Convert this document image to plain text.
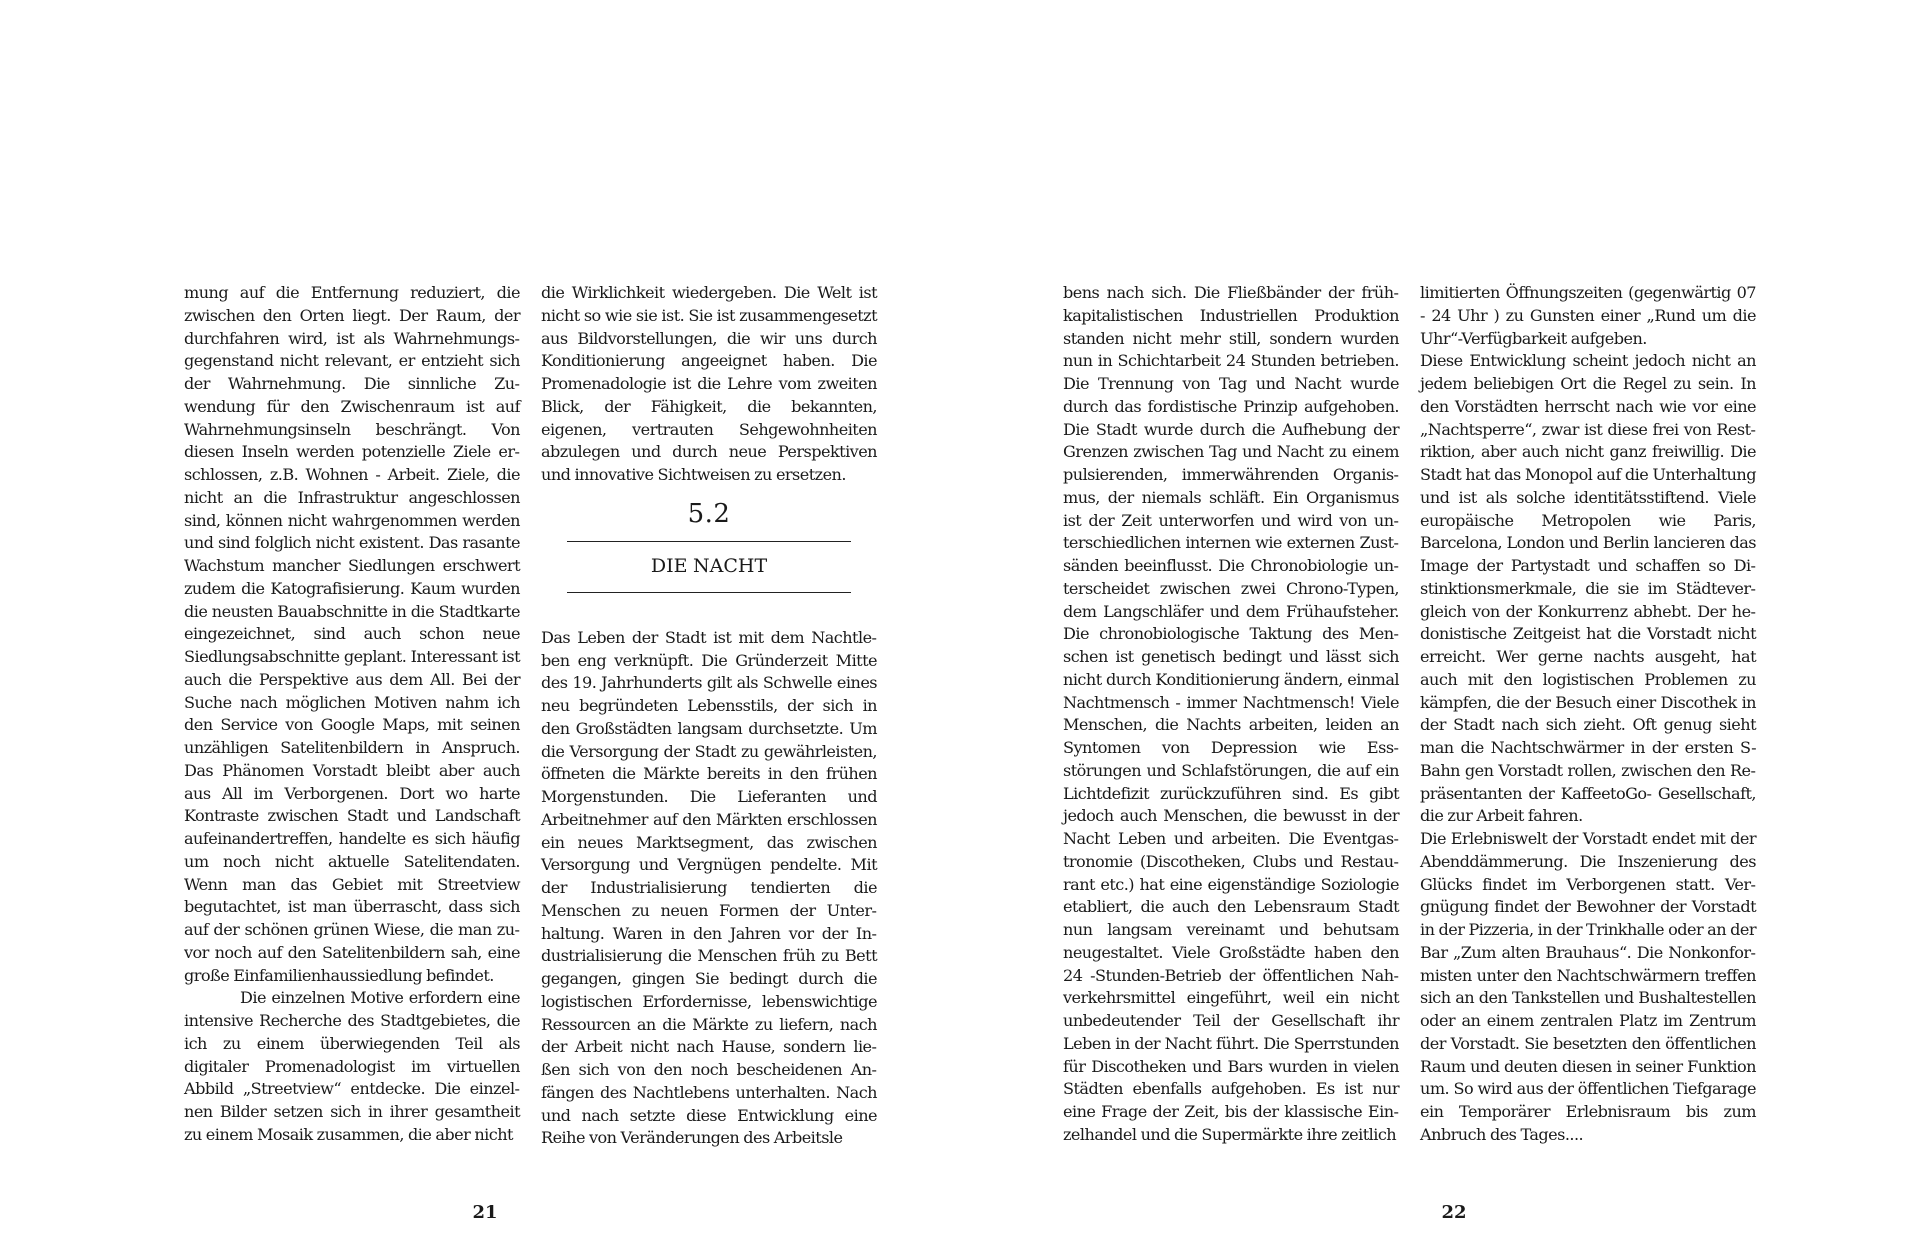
mung auf die Entfernung reduziert, die zwischen den Orten liegt. Der Raum, der durchfahren wird, ist als Wahrnehmungsgegenstand nicht relevant, er entzieht sich der Wahrnehmung. Die sinnliche Zuwendung für den Zwischenraum ist auf Wahrnehmungsinseln beschrängt. Von diesen Inseln werden potenzielle Ziele erschlossen, z.B. Wohnen - Arbeit. Ziele, die nicht an die Infrastruktur angeschlossen sind, können nicht wahrgenommen werden und sind folglich nicht existent. Das rasante Wachstum mancher Siedlungen erschwert zudem die Katografisierung. Kaum wurden die neusten Bauabschnitte in die Stadtkarte eingezeichnet, sind auch schon neue Siedlungsabschnitte geplant. Interessant ist auch die Perspektive aus dem All. Bei der Suche nach möglichen Motiven nahm ich den Service von Google Maps, mit seinen unzähligen Satelitenbildern in Anspruch. Das Phänomen Vorstadt bleibt aber auch aus All im Verborgenen. Dort wo harte Kontraste zwischen Stadt und Landschaft aufeinandertreffen, handelte es sich häufig um noch nicht aktuelle Satelitendaten. Wenn man das Gebiet mit Streetview begutachtet, ist man überrascht, dass sich auf der schönen grünen Wiese, die man zuvor noch auf den Satelitenbildern sah, eine große Einfamilienhaussiedlung befindet.

Die einzelnen Motive erfordern eine intensive Recherche des Stadtgebietes, die ich zu einem überwiegenden Teil als digitaler Promenadologist im virtuellen Abbild „Streetview“ entdecke. Die einzelnen Bilder setzen sich in ihrer gesamtheit zu einem Mosaik zusammen, die aber nicht

die Wirklichkeit wiedergeben. Die Welt ist nicht so wie sie ist. Sie ist zusammengesetzt aus Bildvorstellungen, die wir uns durch Konditionierung angeeignet haben. Die Promenadologie ist die Lehre vom zweiten Blick, der Fähigkeit, die bekannten, eigenen, vertrauten Sehgewohnheiten abzulegen und durch neue Perspektiven und innovative Sichtweisen zu ersetzen.

5.2
DIE NACHT

Das Leben der Stadt ist mit dem Nachtleben eng verknüpft. Die Gründerzeit Mitte des 19. Jahrhunderts gilt als Schwelle eines neu begründeten Lebensstils, der sich in den Großstädten langsam durchsetzte. Um die Versorgung der Stadt zu gewährleisten, öffneten die Märkte bereits in den frühen Morgenstunden. Die Lieferanten und Arbeitnehmer auf den Märkten erschlossen ein neues Marktsegment, das zwischen Versorgung und Vergnügen pendelte. Mit der Industrialisierung tendierten die Menschen zu neuen Formen der Unterhaltung. Waren in den Jahren vor der Industrialisierung die Menschen früh zu Bett gegangen, gingen Sie bedingt durch die logistischen Erfordernisse, lebenswichtige Ressourcen an die Märkte zu liefern, nach der Arbeit nicht nach Hause, sondern ließen sich von den noch bescheidenen Anfängen des Nachtlebens unterhalten. Nach und nach setzte diese Entwicklung eine Reihe von Veränderungen des Arbeitsle

bens nach sich. Die Fließbänder der frühkapitalistischen Industriellen Produktion standen nicht mehr still, sondern wurden nun in Schichtarbeit 24 Stunden betrieben. Die Trennung von Tag und Nacht wurde durch das fordistische Prinzip aufgehoben. Die Stadt wurde durch die Aufhebung der Grenzen zwischen Tag und Nacht zu einem pulsierenden, immerwährenden Organismus, der niemals schläft. Ein Organismus ist der Zeit unterworfen und wird von unterschiedlichen internen wie externen Zustsänden beeinflusst. Die Chronobiologie unterscheidet zwischen zwei Chrono-Typen, dem Langschläfer und dem Frühaufsteher. Die chronobiologische Taktung des Menschen ist genetisch bedingt und lässt sich nicht durch Konditionierung ändern, einmal Nachtmensch - immer Nachtmensch! Viele Menschen, die Nachts arbeiten, leiden an Syntomen von Depression wie Essstörungen und Schlafstörungen, die auf ein Lichtdefizit zurückzuführen sind. Es gibt jedoch auch Menschen, die bewusst in der Nacht Leben und arbeiten. Die Eventgastronomie (Discotheken, Clubs und Restaurant etc.) hat eine eigenständige Soziologie etabliert, die auch den Lebensraum Stadt nun langsam vereinamt und behutsam neugestaltet. Viele Großstädte haben den 24 -Stunden-Betrieb der öffentlichen Nahverkehrsmittel eingeführt, weil ein nicht unbedeutender Teil der Gesellschaft ihr Leben in der Nacht führt. Die Sperrstunden für Discotheken und Bars wurden in vielen Städten ebenfalls aufgehoben. Es ist nur eine Frage der Zeit, bis der klassische Einzelhandel und die Supermärkte ihre zeitlich

limitierten Öffnungszeiten (gegenwärtig 07 - 24 Uhr ) zu Gunsten einer „Rund um die Uhr“-Verfügbarkeit aufgeben.

Diese Entwicklung scheint jedoch nicht an jedem beliebigen Ort die Regel zu sein. In den Vorstädten herrscht nach wie vor eine „Nachtsperre“, zwar ist diese frei von Restriktion, aber auch nicht ganz freiwillig. Die Stadt hat das Monopol auf die Unterhaltung und ist als solche identitätsstiftend. Viele europäische Metropolen wie Paris, Barcelona, London und Berlin lancieren das Image der Partystadt und schaffen so Distinktionsmerkmale, die sie im Städtevergleich von der Konkurrenz abhebt. Der hedonistische Zeitgeist hat die Vorstadt nicht erreicht. Wer gerne nachts ausgeht, hat auch mit den logistischen Problemen zu kämpfen, die der Besuch einer Discothek in der Stadt nach sich zieht. Oft genug sieht man die Nachtschwärmer in der ersten S-Bahn gen Vorstadt rollen, zwischen den Repräsentanten der KaffeetoGo- Gesellschaft, die zur Arbeit fahren.

Die Erlebniswelt der Vorstadt endet mit der Abenddämmerung. Die Inszenierung des Glücks findet im Verborgenen statt. Vergnügung findet der Bewohner der Vorstadt in der Pizzeria, in der Trinkhalle oder an der Bar „Zum alten Brauhaus“. Die Nonkonformisten unter den Nachtschwärmern treffen sich an den Tankstellen und Bushaltestellen oder an einem zentralen Platz im Zentrum der Vorstadt. Sie besetzten den öffentlichen Raum und deuten diesen in seiner Funktion um. So wird aus der öffentlichen Tiefgarage ein Temporärer Erlebnisraum bis zum Anbruch des Tages....

21	22
